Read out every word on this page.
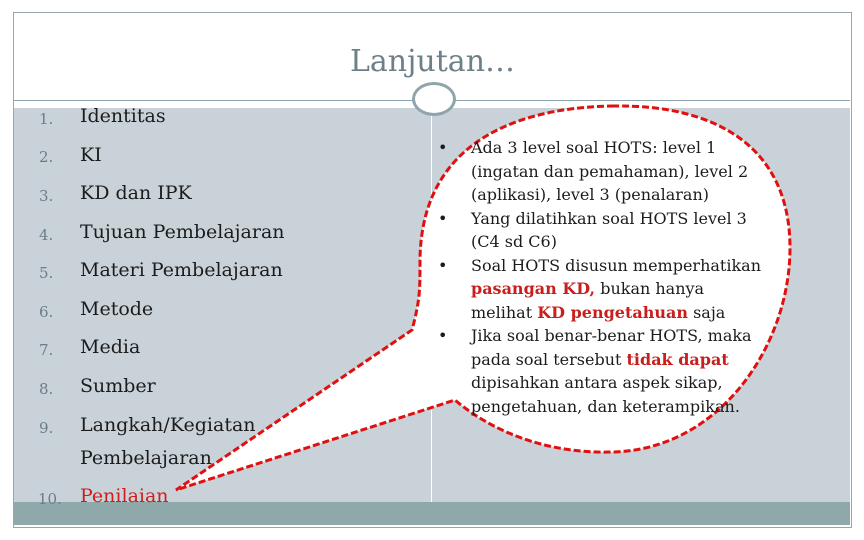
Lanjutan…
1. Identitas
2. KI
3. KD dan IPK
4. Tujuan Pembelajaran
5. Materi Pembelajaran
6. Metode
7. Media
8. Sumber
9. Langkah/Kegiatan
Pembelajaran
10. Penilaian
• Ada 3 level soal HOTS: level 1
(ingatan dan pemahaman), level 2
(aplikasi), level 3 (penalaran)
• Yang dilatihkan soal HOTS level 3
(C4 sd C6)
• Soal HOTS disusun memperhatikan
pasangan KD, bukan hanya
melihat KD pengetahuan saja
• Jika soal benar-benar HOTS, maka
pada soal tersebut tidak dapat
dipisahkan antara aspek sikap,
pengetahuan, dan keterampikan.
